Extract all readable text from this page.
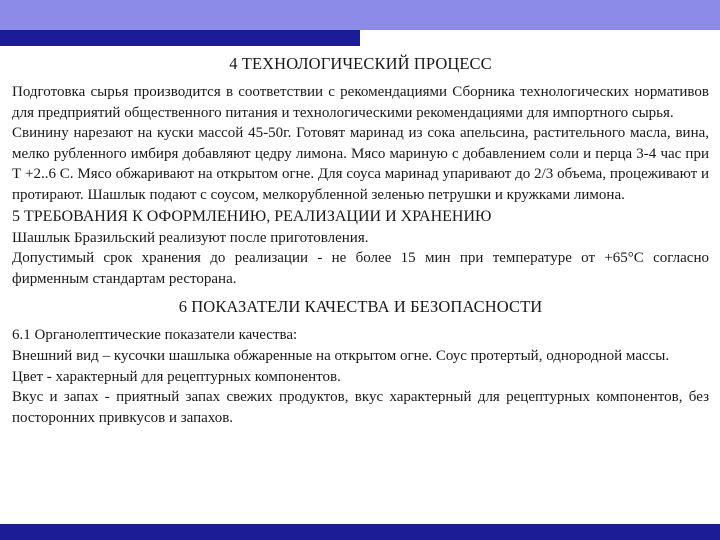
4 ТЕХНОЛОГИЧЕСКИЙ ПРОЦЕСС

Подготовка сырья производится в соответствии с рекомендациями Сборника технологических нормативов для предприятий общественного питания и технологическими рекомендациями для импортного сырья.

Свинину нарезают на куски массой 45-50г. Готовят маринад из сока апельсина, растительного масла, вина, мелко рубленного имбиря добавляют цедру лимона. Мясо мариную с добавлением соли и перца 3-4 час при Т +2..6 С. Мясо обжаривают на открытом огне. Для соуса маринад упаривают до 2/3 объема, процеживают и протирают. Шашлык подают с соусом, мелкорубленной зеленью петрушки и кружками лимона.

5 ТРЕБОВАНИЯ К ОФОРМЛЕНИЮ, РЕАЛИЗАЦИИ И ХРАНЕНИЮ

Шашлык Бразильский реализуют после приготовления.

Допустимый срок хранения до реализации - не более 15 мин при температуре от +65°С согласно фирменным стандартам ресторана.

6 ПОКАЗАТЕЛИ КАЧЕСТВА И БЕЗОПАСНОСТИ

6.1 Органолептические показатели качества:

Внешний вид – кусочки шашлыка обжаренные на открытом огне. Соус протертый, однородной массы.

Цвет - характерный для рецептурных компонентов.

Вкус и запах - приятный запах свежих продуктов, вкус характерный для рецептурных компонентов, без посторонних привкусов и запахов.
